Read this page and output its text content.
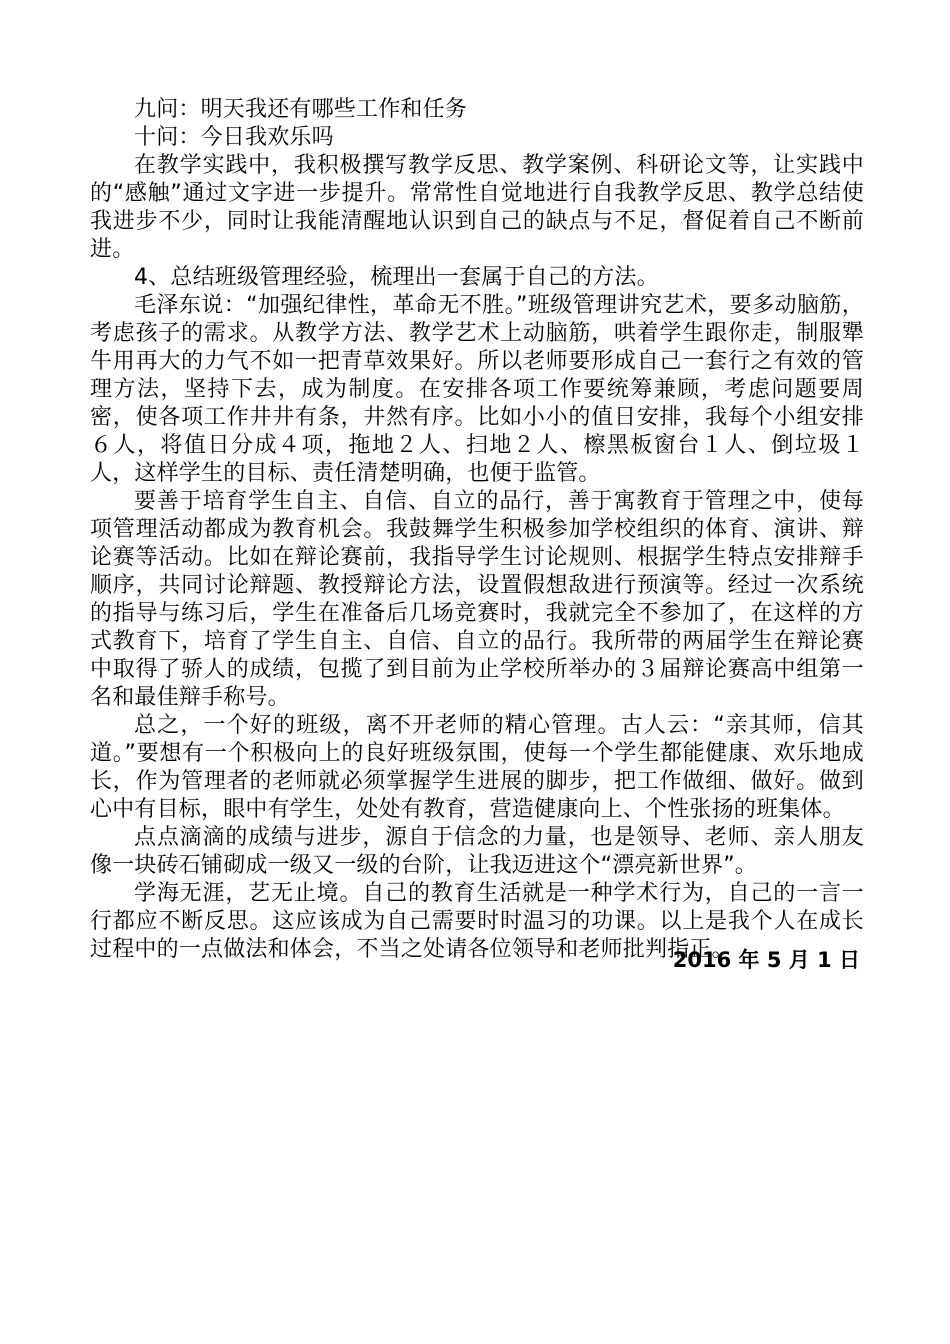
九问：明天我还有哪些工作和任务

十问：今日我欢乐吗

在教学实践中，我积极撰写教学反思、教学案例、科研论文等，让实践中的“感触”通过文字进一步提升。常常性自觉地进行自我教学反思、教学总结使我进步不少，同时让我能清醒地认识到自己的缺点与不足，督促着自己不断前进。

4、总结班级管理经验，梳理出一套属于自己的方法。

毛泽东说：“加强纪律性，革命无不胜。”班级管理讲究艺术，要多动脑筋，考虑孩子的需求。从教学方法、教学艺术上动脑筋，哄着学生跟你走，制服犟牛用再大的力气不如一把青草效果好。所以老师要形成自己一套行之有效的管理方法，坚持下去，成为制度。在安排各项工作要统筹兼顾，考虑问题要周密，使各项工作井井有条，井然有序。比如小小的值日安排，我每个小组安排６人，将值日分成４项，拖地２人、扫地２人、檫黑板窗台１人、倒垃圾１人，这样学生的目标、责任清楚明确，也便于监管。

要善于培育学生自主、自信、自立的品行，善于寓教育于管理之中，使每项管理活动都成为教育机会。我鼓舞学生积极参加学校组织的体育、演讲、辩论赛等活动。比如在辩论赛前，我指导学生讨论规则、根据学生特点安排辩手顺序，共同讨论辩题、教授辩论方法，设置假想敌进行预演等。经过一次系统的指导与练习后，学生在准备后几场竞赛时，我就完全不参加了，在这样的方式教育下，培育了学生自主、自信、自立的品行。我所带的两届学生在辩论赛中取得了骄人的成绩，包揽了到目前为止学校所举办的３届辩论赛高中组第一名和最佳辩手称号。

总之，一个好的班级，离不开老师的精心管理。古人云：“亲其师，信其道。”要想有一个积极向上的良好班级氛围，使每一个学生都能健康、欢乐地成长，作为管理者的老师就必须掌握学生进展的脚步，把工作做细、做好。做到心中有目标，眼中有学生，处处有教育，营造健康向上、个性张扬的班集体。

点点滴滴的成绩与进步，源自于信念的力量，也是领导、老师、亲人朋友像一块砖石铺砌成一级又一级的台阶，让我迈进这个“漂亮新世界”。

学海无涯，艺无止境。自己的教育生活就是一种学术行为，自己的一言一行都应不断反思。这应该成为自己需要时时温习的功课。以上是我个人在成长过程中的一点做法和体会，不当之处请各位领导和老师批判指正。

2016 年 5 月 1 日
